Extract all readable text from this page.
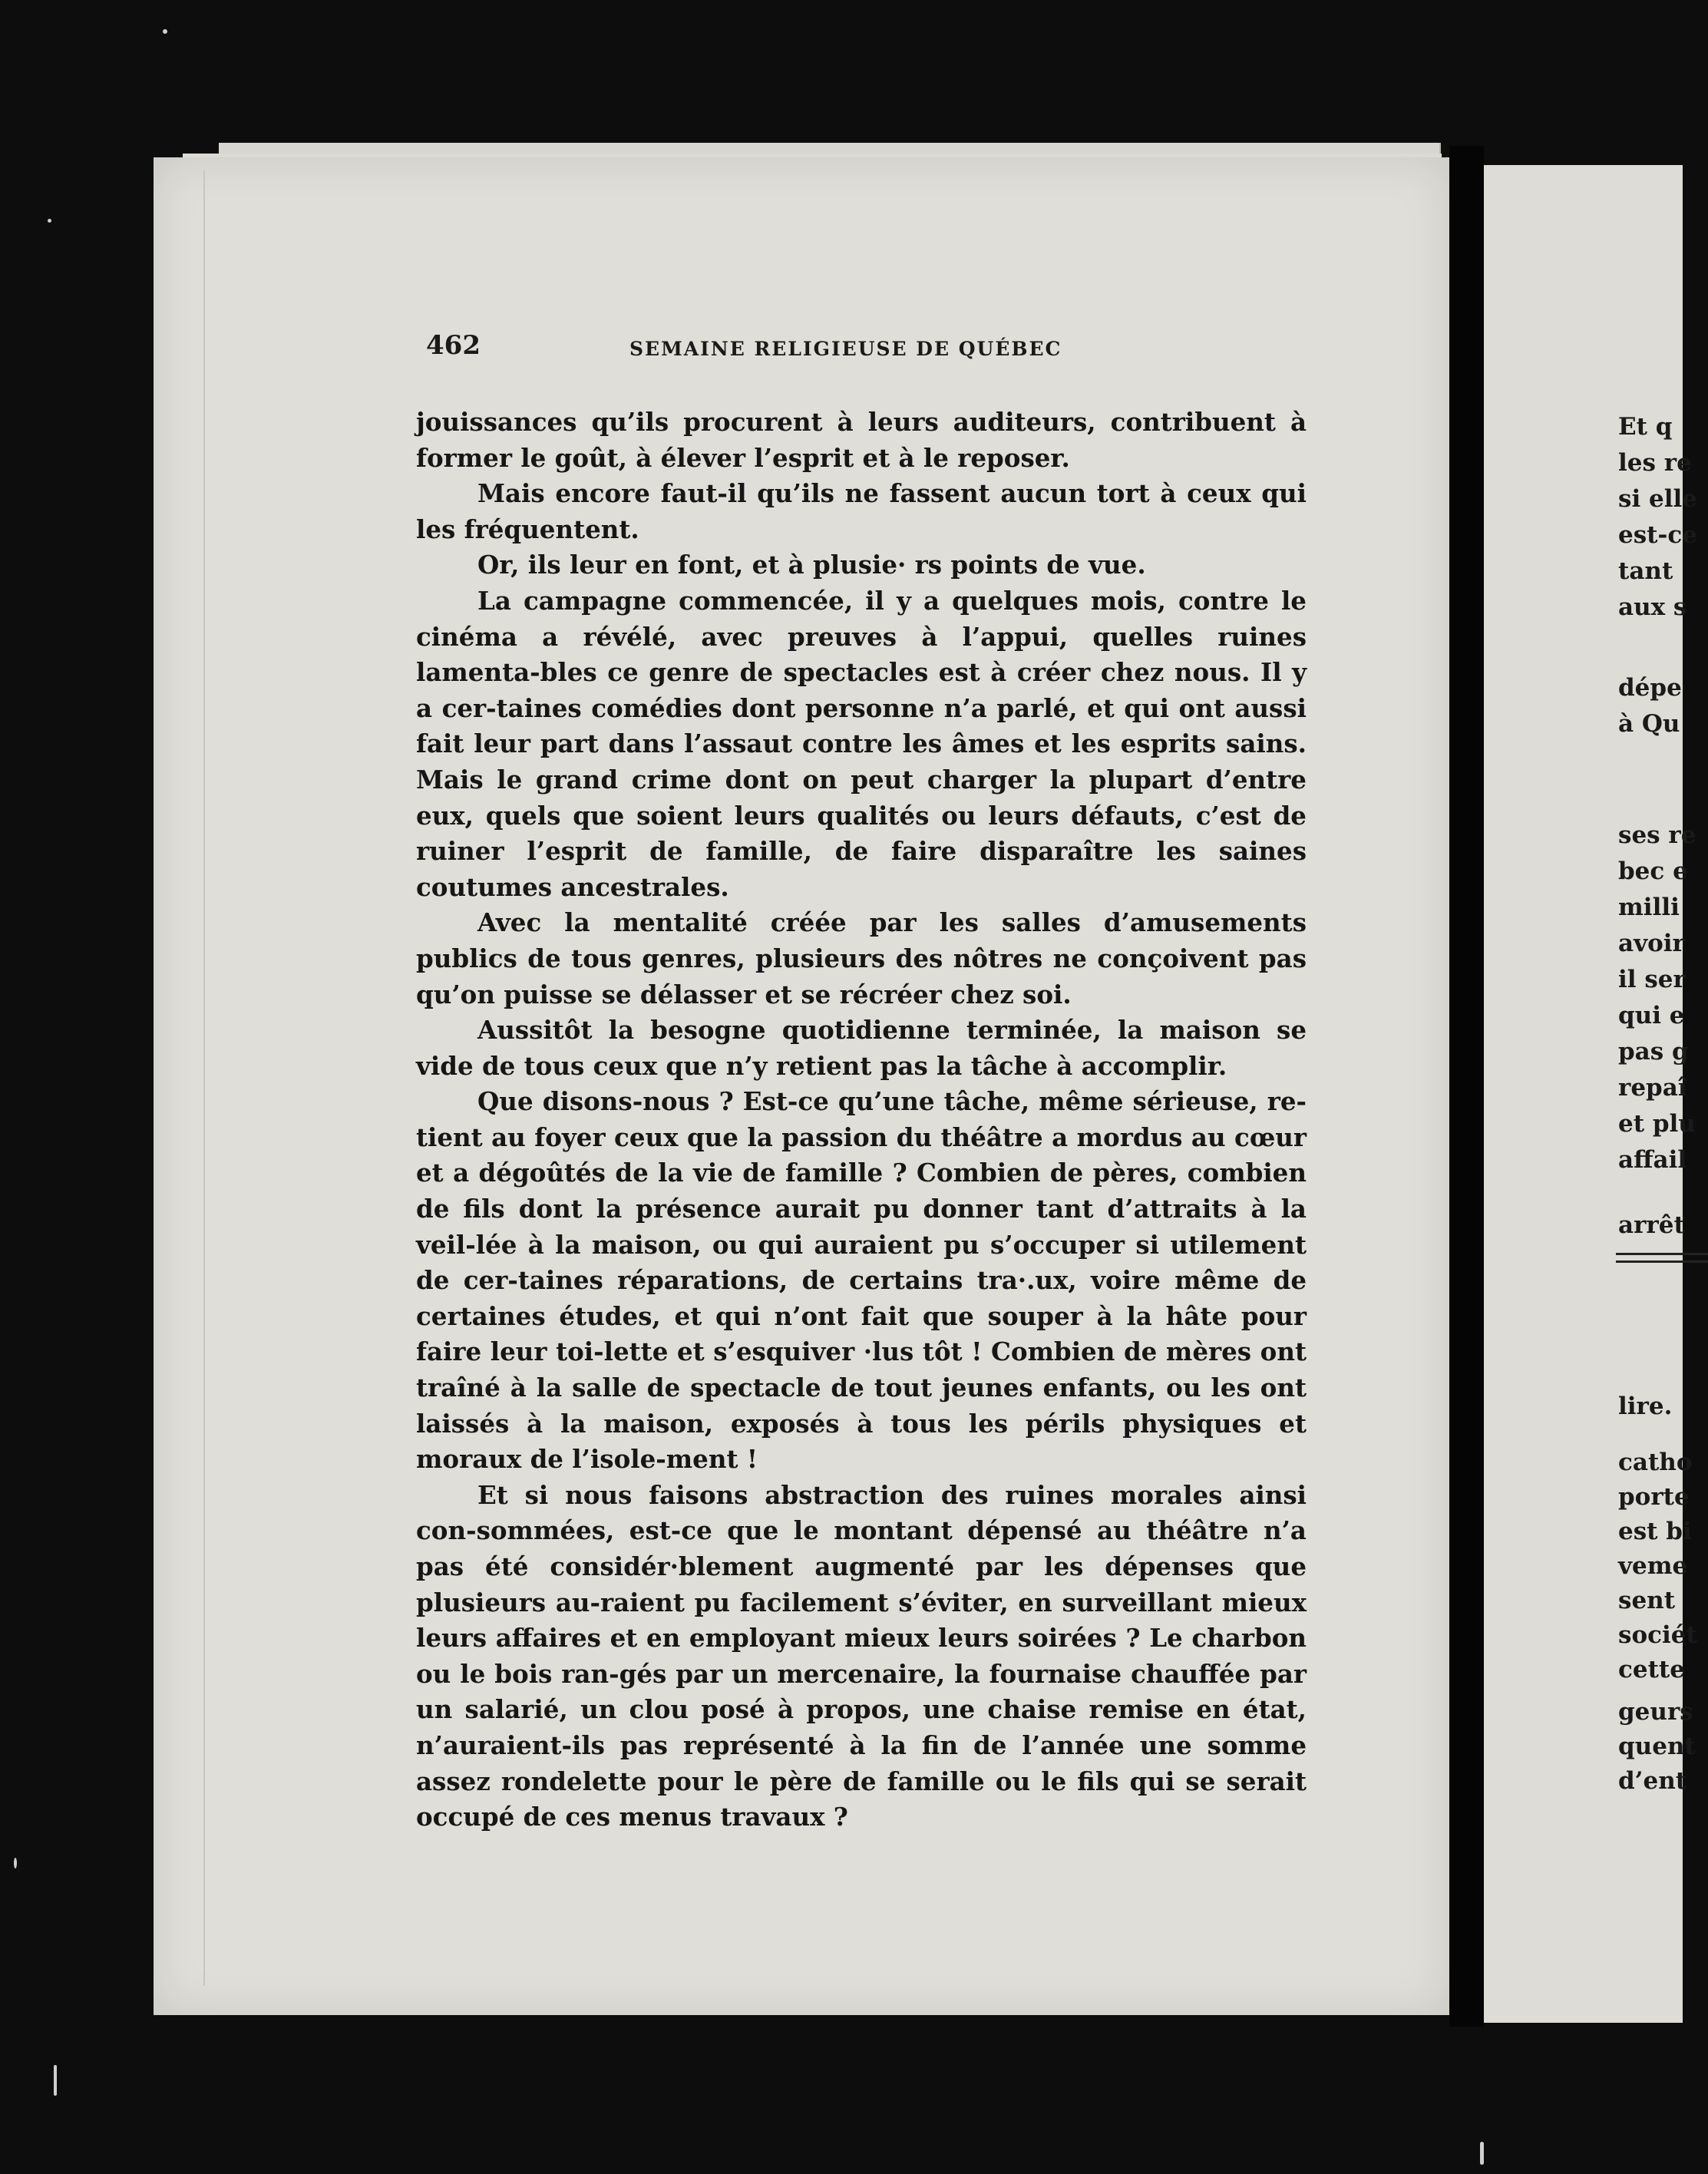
462	SEMAINE RELIGIEUSE DE QUÉBEC

jouissances qu’ils procurent à leurs auditeurs, contribuent à former le goût, à élever l’esprit et à le reposer.

Mais encore faut-il qu’ils ne fassent aucun tort à ceux qui les fréquentent.

Or, ils leur en font, et à plusie· rs points de vue.

La campagne commencée, il y a quelques mois, contre le cinéma a révélé, avec preuves à l’appui, quelles ruines lamenta-bles ce genre de spectacles est à créer chez nous. Il y a cer-taines comédies dont personne n’a parlé, et qui ont aussi fait leur part dans l’assaut contre les âmes et les esprits sains. Mais le grand crime dont on peut charger la plupart d’entre eux, quels que soient leurs qualités ou leurs défauts, c’est de ruiner l’esprit de famille, de faire disparaître les saines coutumes ancestrales.

Avec la mentalité créée par les salles d’amusements publics de tous genres, plusieurs des nôtres ne conçoivent pas qu’on puisse se délasser et se récréer chez soi.

Aussitôt la besogne quotidienne terminée, la maison se vide de tous ceux que n’y retient pas la tâche à accomplir.

Que disons-nous ? Est-ce qu’une tâche, même sérieuse, re-tient au foyer ceux que la passion du théâtre a mordus au cœur et a dégoûtés de la vie de famille ? Combien de pères, combien de fils dont la présence aurait pu donner tant d’attraits à la veil-lée à la maison, ou qui auraient pu s’occuper si utilement de cer-taines réparations, de certains tra·.ux, voire même de certaines études, et qui n’ont fait que souper à la hâte pour faire leur toi-lette et s’esquiver ·lus tôt ! Combien de mères ont traîné à la salle de spectacle de tout jeunes enfants, ou les ont laissés à la maison, exposés à tous les périls physiques et moraux de l’isole-ment !

Et si nous faisons abstraction des ruines morales ainsi con-sommées, est-ce que le montant dépensé au théâtre n’a pas été considér·blement augmenté par les dépenses que plusieurs au-raient pu facilement s’éviter, en surveillant mieux leurs affaires et en employant mieux leurs soirées ? Le charbon ou le bois ran-gés par un mercenaire, la fournaise chauffée par un salarié, un clou posé à propos, une chaise remise en état, n’auraient-ils pas représenté à la fin de l’année une somme assez rondelette pour le père de famille ou le fils qui se serait occupé de ces menus travaux ?

Et q
les re
si elle
est-ce
tant
aux s
dépe
à Qu
ses re
bec e
milli
avoir
il ser
qui e
pas g
repaî
et plu
affail
arrêt
lire.
catho
porte
est bi
veme
sent
sociét
cette
geurs
quent
d’ent
